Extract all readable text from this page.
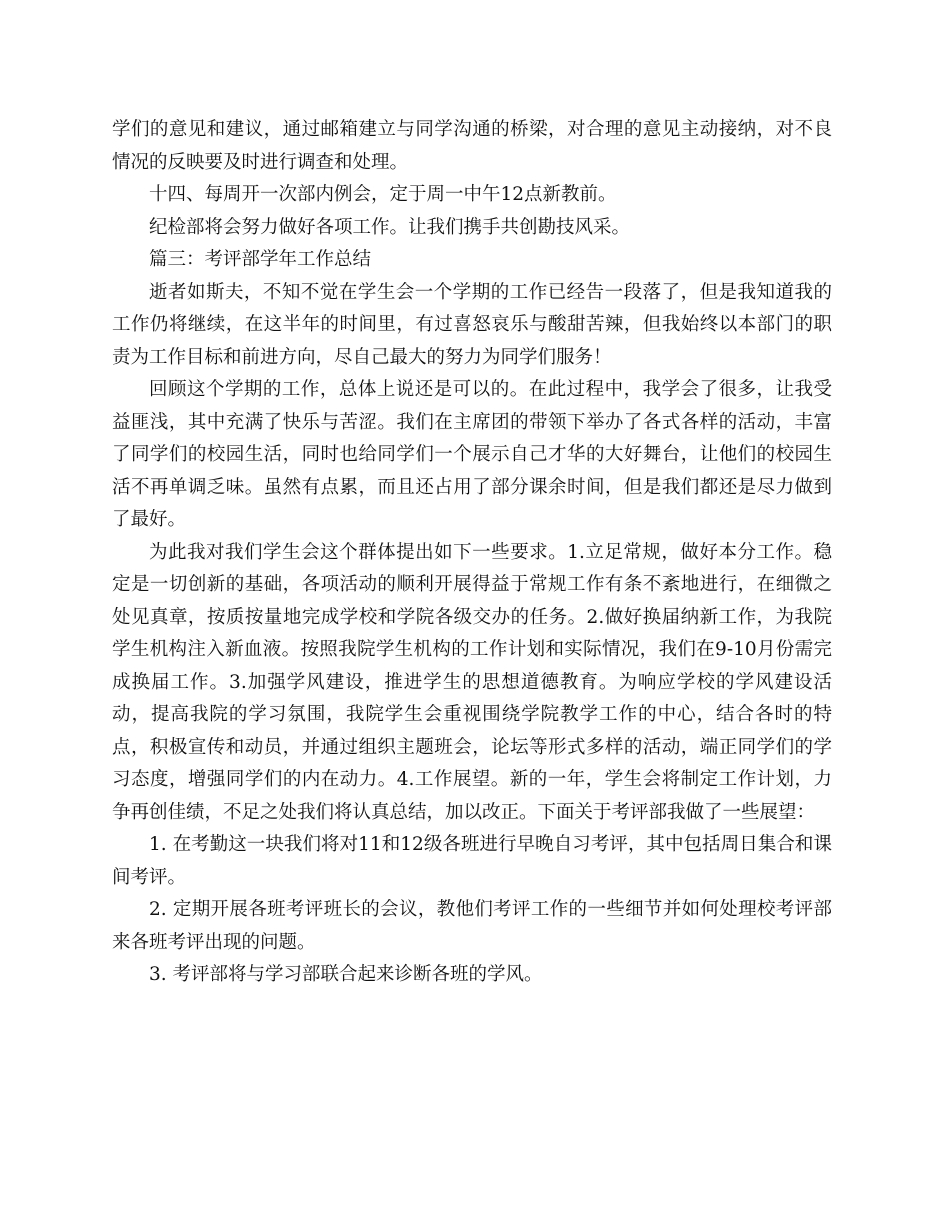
学们的意见和建议，通过邮箱建立与同学沟通的桥梁，对合理的意见主动接纳，对不良情况的反映要及时进行调查和处理。

十四、每周开一次部内例会，定于周一中午12点新教前。

纪检部将会努力做好各项工作。让我们携手共创勘技风采。

篇三：考评部学年工作总结

逝者如斯夫，不知不觉在学生会一个学期的工作已经告一段落了，但是我知道我的工作仍将继续，在这半年的时间里，有过喜怒哀乐与酸甜苦辣，但我始终以本部门的职责为工作目标和前进方向，尽自己最大的努力为同学们服务！

回顾这个学期的工作，总体上说还是可以的。在此过程中，我学会了很多，让我受益匪浅，其中充满了快乐与苦涩。我们在主席团的带领下举办了各式各样的活动，丰富了同学们的校园生活，同时也给同学们一个展示自己才华的大好舞台，让他们的校园生活不再单调乏味。虽然有点累，而且还占用了部分课余时间，但是我们都还是尽力做到了最好。

为此我对我们学生会这个群体提出如下一些要求。1.立足常规，做好本分工作。稳定是一切创新的基础，各项活动的顺利开展得益于常规工作有条不紊地进行，在细微之处见真章，按质按量地完成学校和学院各级交办的任务。2.做好换届纳新工作，为我院学生机构注入新血液。按照我院学生机构的工作计划和实际情况，我们在9-10月份需完成换届工作。3.加强学风建设，推进学生的思想道德教育。为响应学校的学风建设活动，提高我院的学习氛围，我院学生会重视围绕学院教学工作的中心，结合各时的特点，积极宣传和动员，并通过组织主题班会，论坛等形式多样的活动，端正同学们的学习态度，增强同学们的内在动力。4.工作展望。新的一年，学生会将制定工作计划，力争再创佳绩，不足之处我们将认真总结，加以改正。下面关于考评部我做了一些展望：

1. 在考勤这一块我们将对11和12级各班进行早晚自习考评，其中包括周日集合和课间考评。

2. 定期开展各班考评班长的会议，教他们考评工作的一些细节并如何处理校考评部来各班考评出现的问题。

3. 考评部将与学习部联合起来诊断各班的学风。
